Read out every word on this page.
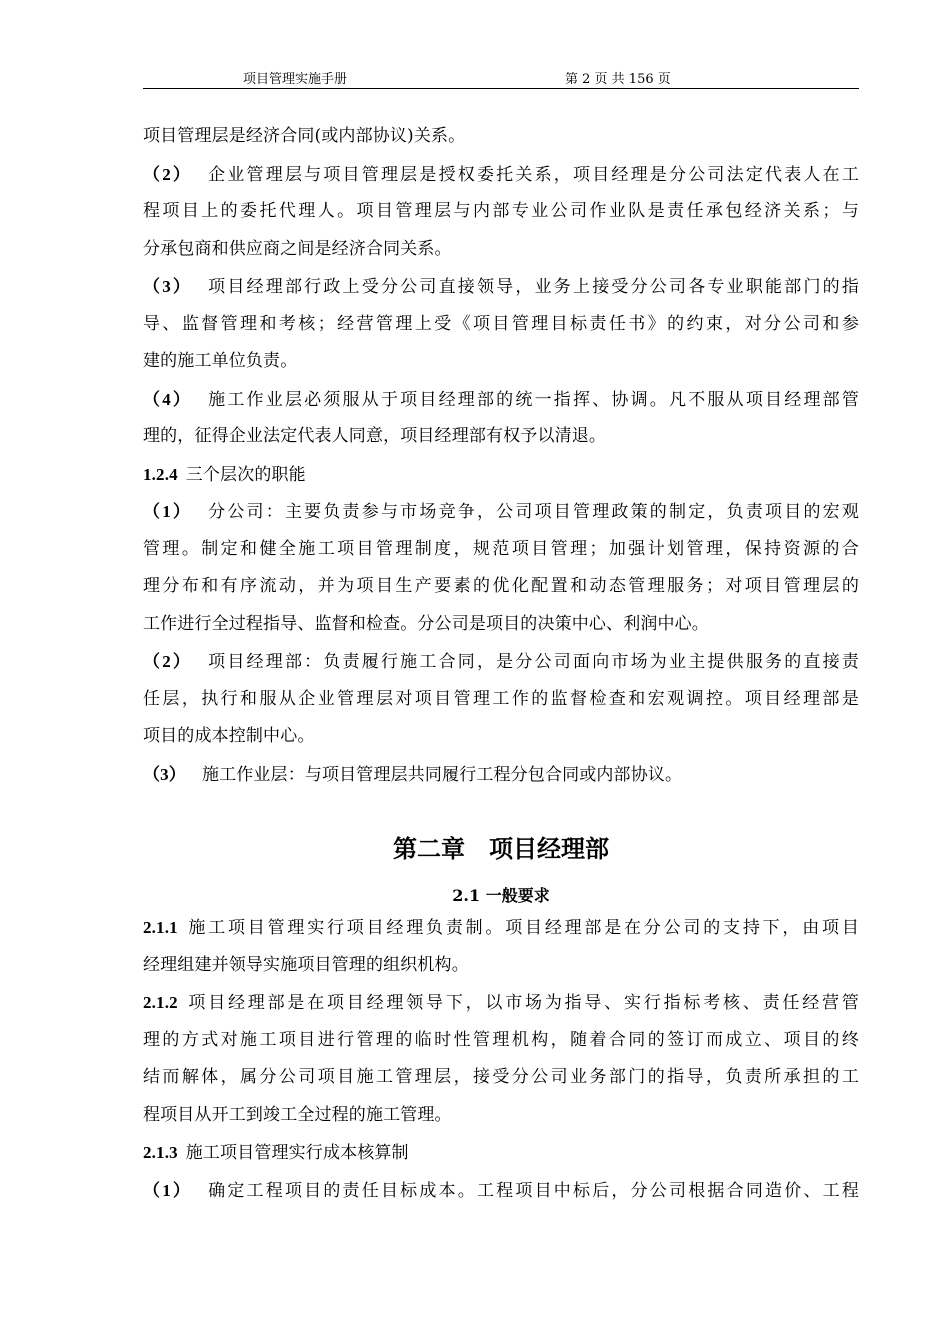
项目管理实施手册	第 2 页 共 156 页
项目管理层是经济合同(或内部协议)关系。
（2） 企业管理层与项目管理层是授权委托关系，项目经理是分公司法定代表人在工
程项目上的委托代理人。项目管理层与内部专业公司作业队是责任承包经济关系；与
分承包商和供应商之间是经济合同关系。
（3） 项目经理部行政上受分公司直接领导，业务上接受分公司各专业职能部门的指
导、监督管理和考核；经营管理上受《项目管理目标责任书》的约束，对分公司和参
建的施工单位负责。
（4） 施工作业层必须服从于项目经理部的统一指挥、协调。凡不服从项目经理部管
理的，征得企业法定代表人同意，项目经理部有权予以清退。
1.2.4 三个层次的职能
（1） 分公司：主要负责参与市场竞争，公司项目管理政策的制定，负责项目的宏观
管理。制定和健全施工项目管理制度，规范项目管理；加强计划管理，保持资源的合
理分布和有序流动，并为项目生产要素的优化配置和动态管理服务；对项目管理层的
工作进行全过程指导、监督和检查。分公司是项目的决策中心、利润中心。
（2） 项目经理部：负责履行施工合同，是分公司面向市场为业主提供服务的直接责
任层，执行和服从企业管理层对项目管理工作的监督检查和宏观调控。项目经理部是
项目的成本控制中心。
（3） 施工作业层：与项目管理层共同履行工程分包合同或内部协议。
第二章　项目经理部
2.1 一般要求
2.1.1 施工项目管理实行项目经理负责制。项目经理部是在分公司的支持下，由项目
经理组建并领导实施项目管理的组织机构。
2.1.2 项目经理部是在项目经理领导下，以市场为指导、实行指标考核、责任经营管
理的方式对施工项目进行管理的临时性管理机构，随着合同的签订而成立、项目的终
结而解体，属分公司项目施工管理层，接受分公司业务部门的指导，负责所承担的工
程项目从开工到竣工全过程的施工管理。
2.1.3 施工项目管理实行成本核算制
（1） 确定工程项目的责任目标成本。工程项目中标后，分公司根据合同造价、工程
